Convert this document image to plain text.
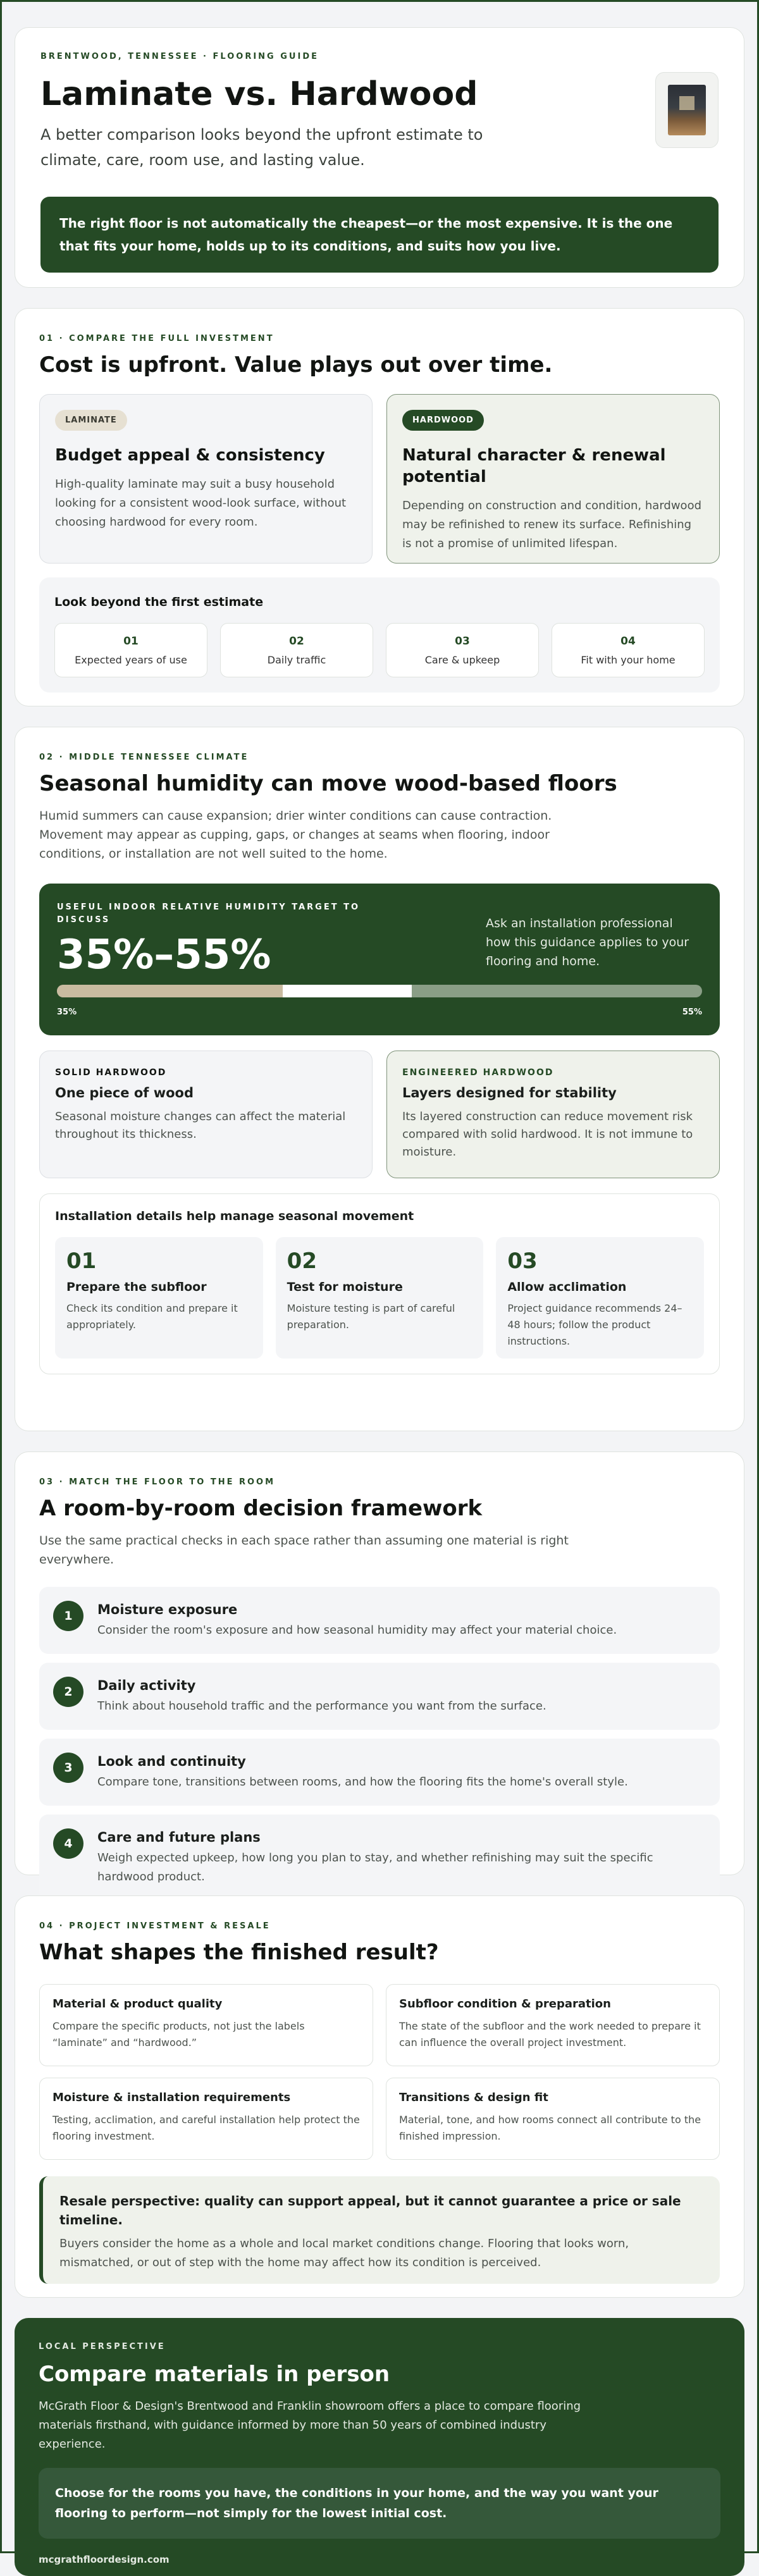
BRENTWOOD, TENNESSEE · FLOORING GUIDE
Laminate vs. Hardwood
A better comparison looks beyond the upfront estimate to climate, care, room use, and lasting value.
The right floor is not automatically the cheapest—or the most expensive. It is the one that fits your home, holds up to its conditions, and suits how you live.
01 · COMPARE THE FULL INVESTMENT
Cost is upfront. Value plays out over time.
LAMINATE
Budget appeal & consistency

High-quality laminate may suit a busy household looking for a consistent wood-look surface, without choosing hardwood for every room.

HARDWOOD
Natural character & renewal potential

Depending on construction and condition, hardwood may be refinished to renew its surface. Refinishing is not a promise of unlimited lifespan.

Look beyond the first estimate
01
Expected years of use
02
Daily traffic
03
Care & upkeep
04
Fit with your home
02 · MIDDLE TENNESSEE CLIMATE
Seasonal humidity can move wood-based floors
Humid summers can cause expansion; drier winter conditions can cause contraction. Movement may appear as cupping, gaps, or changes at seams when flooring, indoor conditions, or installation are not well suited to the home.
USEFUL INDOOR RELATIVE HUMIDITY TARGET TO DISCUSS
35%–55%
Ask an installation professional how this guidance applies to your flooring and home.
35%	55%
SOLID HARDWOOD
One piece of wood

Seasonal moisture changes can affect the material throughout its thickness.

ENGINEERED HARDWOOD
Layers designed for stability

Its layered construction can reduce movement risk compared with solid hardwood. It is not immune to moisture.

Installation details help manage seasonal movement
01
Prepare the subfloor
Check its condition and prepare it appropriately.
02
Test for moisture
Moisture testing is part of careful preparation.
03
Allow acclimation
Project guidance recommends 24–48 hours; follow the product instructions.
03 · MATCH THE FLOOR TO THE ROOM
A room-by-room decision framework
Use the same practical checks in each space rather than assuming one material is right everywhere.
1	Moisture exposure

Consider the room's exposure and how seasonal humidity may affect your material choice.

2	Daily activity

Think about household traffic and the performance you want from the surface.

3	Look and continuity

Compare tone, transitions between rooms, and how the flooring fits the home's overall style.

4	Care and future plans

Weigh expected upkeep, how long you plan to stay, and whether refinishing may suit the specific hardwood product.

04 · PROJECT INVESTMENT & RESALE
What shapes the finished result?
Material & product quality

Compare the specific products, not just the labels “laminate” and “hardwood.”

Subfloor condition & preparation

The state of the subfloor and the work needed to prepare it can influence the overall project investment.

Moisture & installation requirements

Testing, acclimation, and careful installation help protect the flooring investment.

Transitions & design fit

Material, tone, and how rooms connect all contribute to the finished impression.

Resale perspective: quality can support appeal, but it cannot guarantee a price or sale timeline.

Buyers consider the home as a whole and local market conditions change. Flooring that looks worn, mismatched, or out of step with the home may affect how its condition is perceived.

LOCAL PERSPECTIVE
Compare materials in person
McGrath Floor & Design's Brentwood and Franklin showroom offers a place to compare flooring materials firsthand, with guidance informed by more than 50 years of combined industry experience.
Choose for the rooms you have, the conditions in your home, and the way you want your flooring to perform—not simply for the lowest initial cost.
mcgrathfloordesign.com
